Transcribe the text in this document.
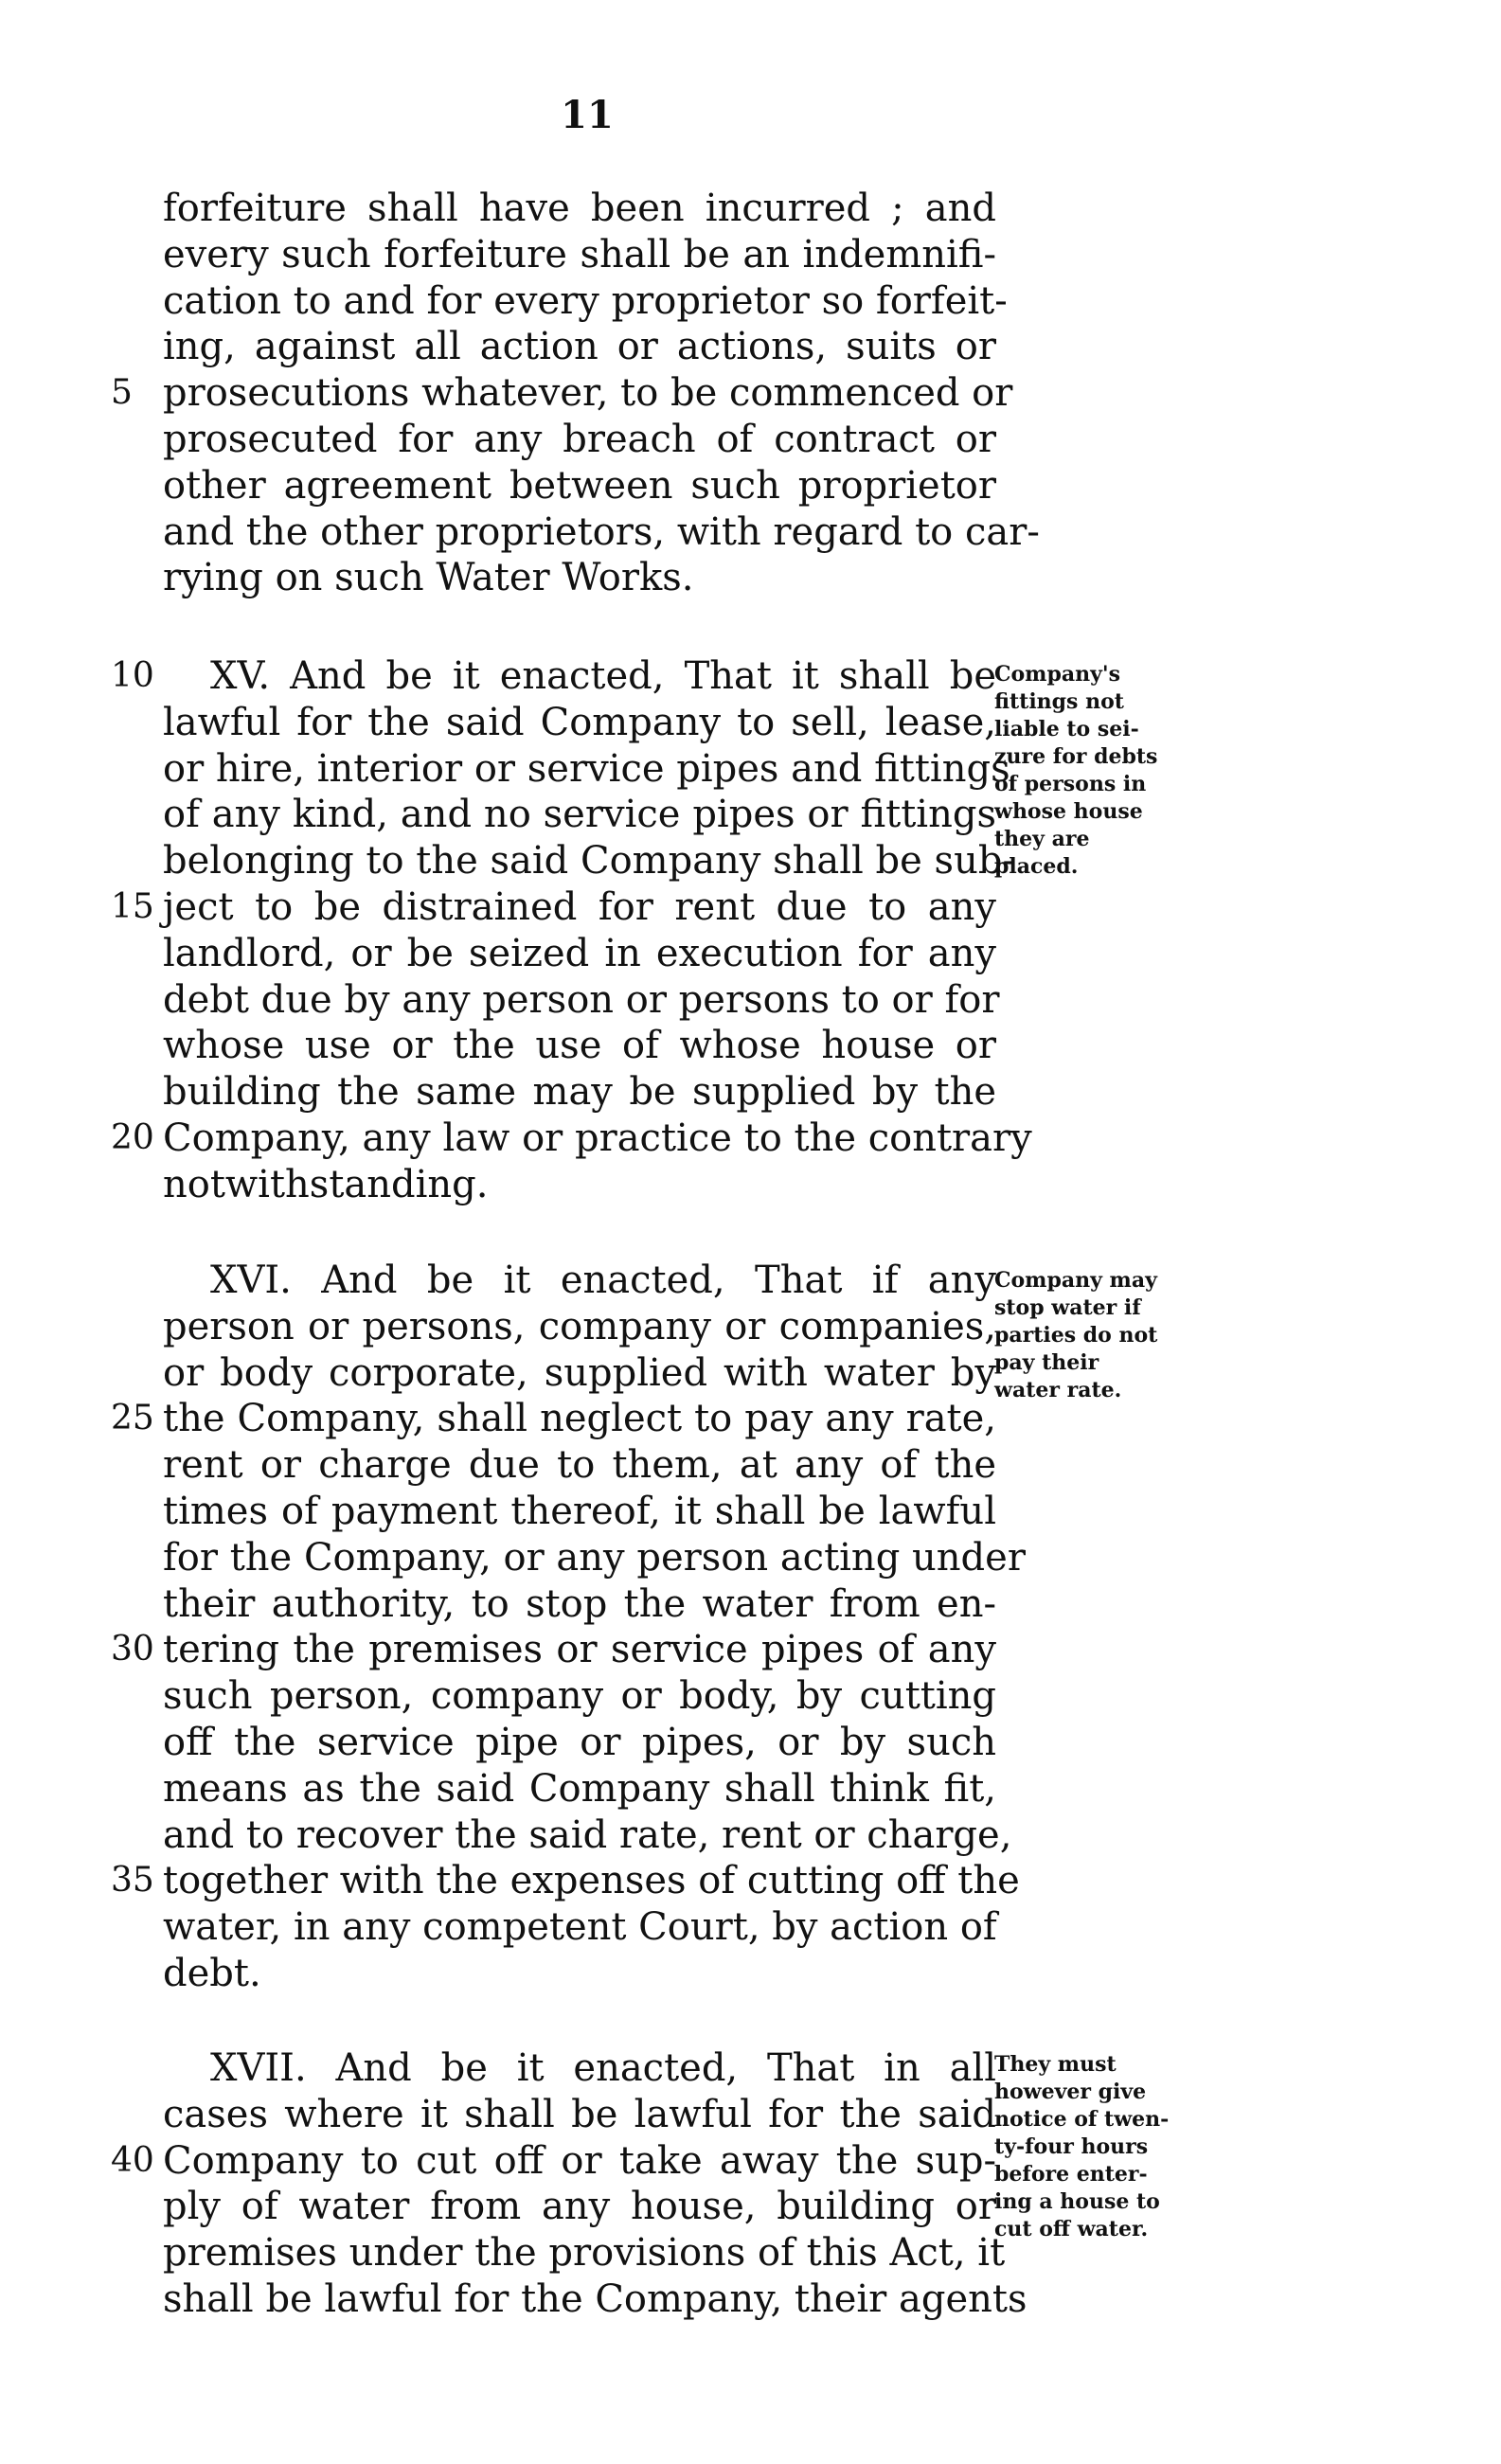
11
forfeiture shall have been incurred ; and
every such forfeiture shall be an indemnifi-
cation to and for every proprietor so forfeit-
ing, against all action or actions, suits or
5 prosecutions whatever, to be commenced or
prosecuted for any breach of contract or
other agreement between such proprietor
and the other proprietors, with regard to car-
rying on such Water Works.
10 XV. And be it enacted, That it shall be
lawful for the said Company to sell, lease,
or hire, interior or service pipes and fittings
of any kind, and no service pipes or fittings
belonging to the said Company shall be sub-
15 ject to be distrained for rent due to any
landlord, or be seized in execution for any
debt due by any person or persons to or for
whose use or the use of whose house or
building the same may be supplied by the
20 Company, any law or practice to the contrary
notwithstanding.
Company's
fittings not
liable to sei-
zure for debts
of persons in
whose house
they are
placed.
XVI. And be it enacted, That if any
person or persons, company or companies,
or body corporate, supplied with water by
25 the Company, shall neglect to pay any rate,
rent or charge due to them, at any of the
times of payment thereof, it shall be lawful
for the Company, or any person acting under
their authority, to stop the water from en-
30 tering the premises or service pipes of any
such person, company or body, by cutting
off the service pipe or pipes, or by such
means as the said Company shall think fit,
and to recover the said rate, rent or charge,
35 together with the expenses of cutting off the
water, in any competent Court, by action of
debt.
Company may
stop water if
parties do not
pay their
water rate.
XVII. And be it enacted, That in all
cases where it shall be lawful for the said
40 Company to cut off or take away the sup-
ply of water from any house, building or
premises under the provisions of this Act, it
shall be lawful for the Company, their agents
They must
however give
notice of twen-
ty-four hours
before enter-
ing a house to
cut off water.
